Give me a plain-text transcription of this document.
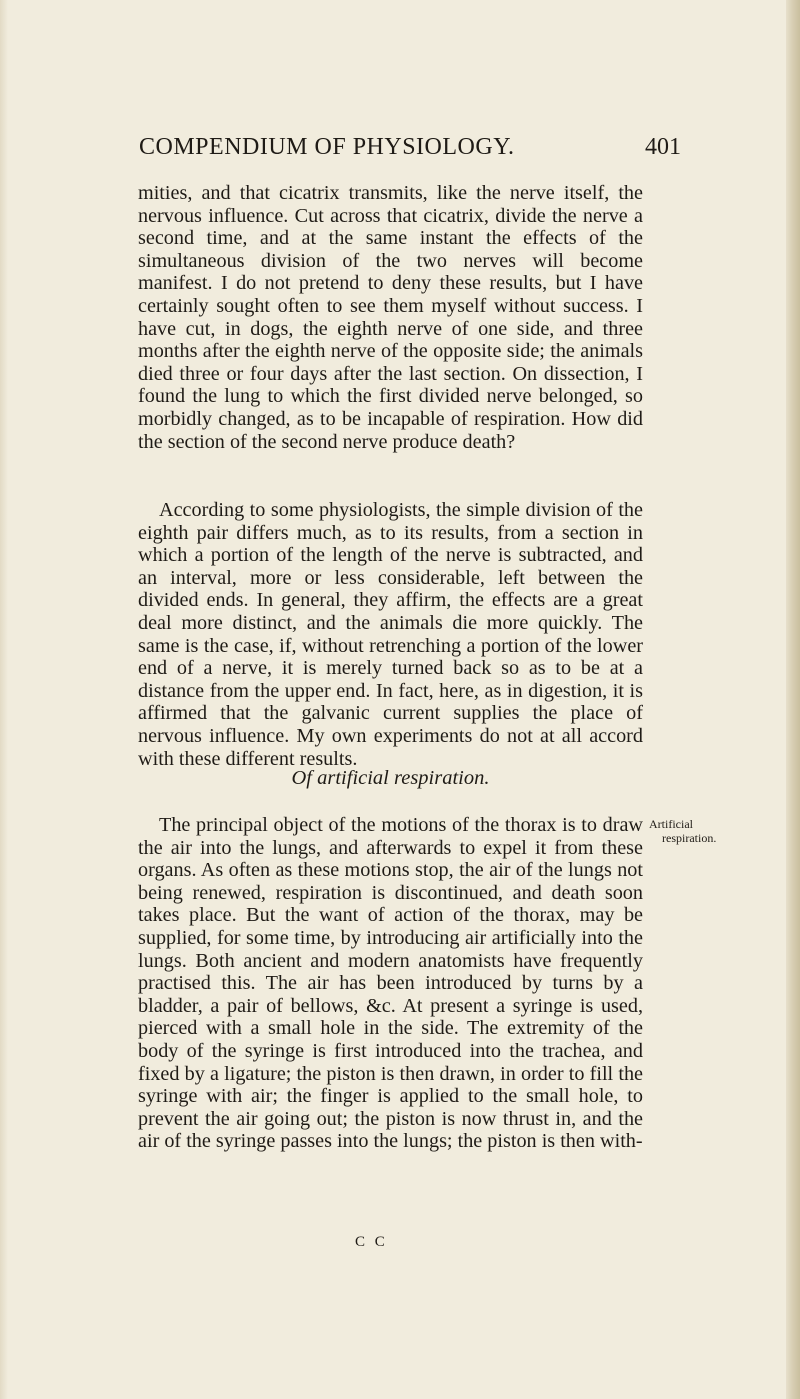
COMPENDIUM OF PHYSIOLOGY.	401

mities, and that cicatrix transmits, like the nerve itself, the nervous influence. Cut across that cicatrix, divide the nerve a second time, and at the same instant the effects of the simultaneous division of the two nerves will become manifest. I do not pretend to deny these results, but I have certainly sought often to see them myself without success. I have cut, in dogs, the eighth nerve of one side, and three months after the eighth nerve of the opposite side; the animals died three or four days after the last section. On dissection, I found the lung to which the first divided nerve belonged, so morbidly changed, as to be incapable of respiration. How did the section of the second nerve produce death?

According to some physiologists, the simple division of the eighth pair differs much, as to its results, from a section in which a portion of the length of the nerve is subtracted, and an interval, more or less considerable, left between the divided ends. In general, they affirm, the effects are a great deal more distinct, and the animals die more quickly. The same is the case, if, without retrenching a portion of the lower end of a nerve, it is merely turned back so as to be at a distance from the upper end. In fact, here, as in digestion, it is affirmed that the galvanic current supplies the place of nervous influence. My own experiments do not at all accord with these different results.

Of artificial respiration.
Artificial
respiration.

The principal object of the motions of the thorax is to draw the air into the lungs, and afterwards to expel it from these organs. As often as these motions stop, the air of the lungs not being renewed, respiration is discontinued, and death soon takes place. But the want of action of the thorax, may be supplied, for some time, by introducing air artificially into the lungs. Both ancient and modern anatomists have frequently practised this. The air has been introduced by turns by a bladder, a pair of bellows, &c. At present a syringe is used, pierced with a small hole in the side. The extremity of the body of the syringe is first introduced into the trachea, and fixed by a ligature; the piston is then drawn, in order to fill the syringe with air; the finger is applied to the small hole, to prevent the air going out; the piston is now thrust in, and the air of the syringe passes into the lungs; the piston is then with-

C C
